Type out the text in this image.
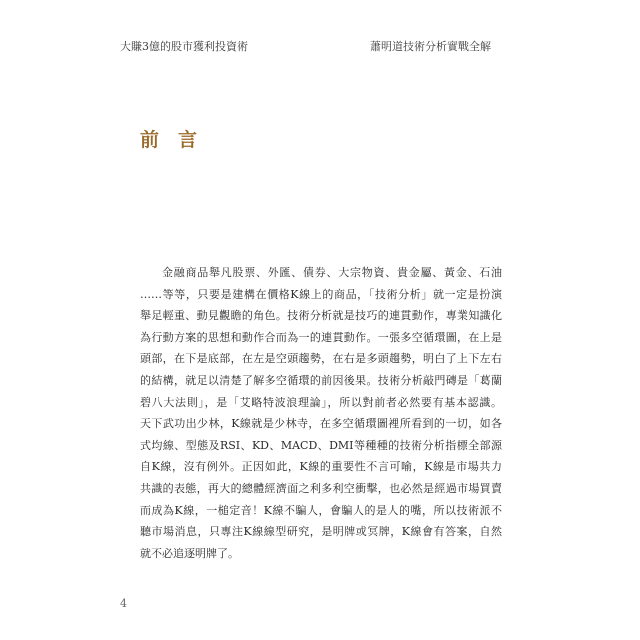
大賺3億的股市獲利投資術	蕭明道技術分析實戰全解
前　言
金融商品舉凡股票、外匯、債券、大宗物資、貴金屬、黃金、石油
……等等，只要是建構在價格K線上的商品，「技術分析」就一定是扮演
舉足輕重、動見觀瞻的角色。技術分析就是技巧的連貫動作，專業知識化
為行動方案的思想和動作合而為一的連貫動作。一張多空循環圖，在上是
頭部，在下是底部，在左是空頭趨勢，在右是多頭趨勢，明白了上下左右
的結構，就足以清楚了解多空循環的前因後果。技術分析敲門磚是「葛蘭
碧八大法則」，是「艾略特波浪理論」，所以對前者必然要有基本認識。
天下武功出少林，K線就是少林寺，在多空循環圖裡所看到的一切，如各
式均線、型態及RSI、KD、MACD、DMI等種種的技術分析指標全部源
自K線，沒有例外。正因如此，K線的重要性不言可喻，K線是市場共力
共識的表態，再大的總體經濟面之利多利空衝擊，也必然是經過市場買賣
而成為K線，一槌定音！K線不騙人，會騙人的是人的嘴，所以技術派不
聽市場消息，只專注K線線型研究，是明牌或冥牌，K線會有答案，自然
就不必追逐明牌了。
4
